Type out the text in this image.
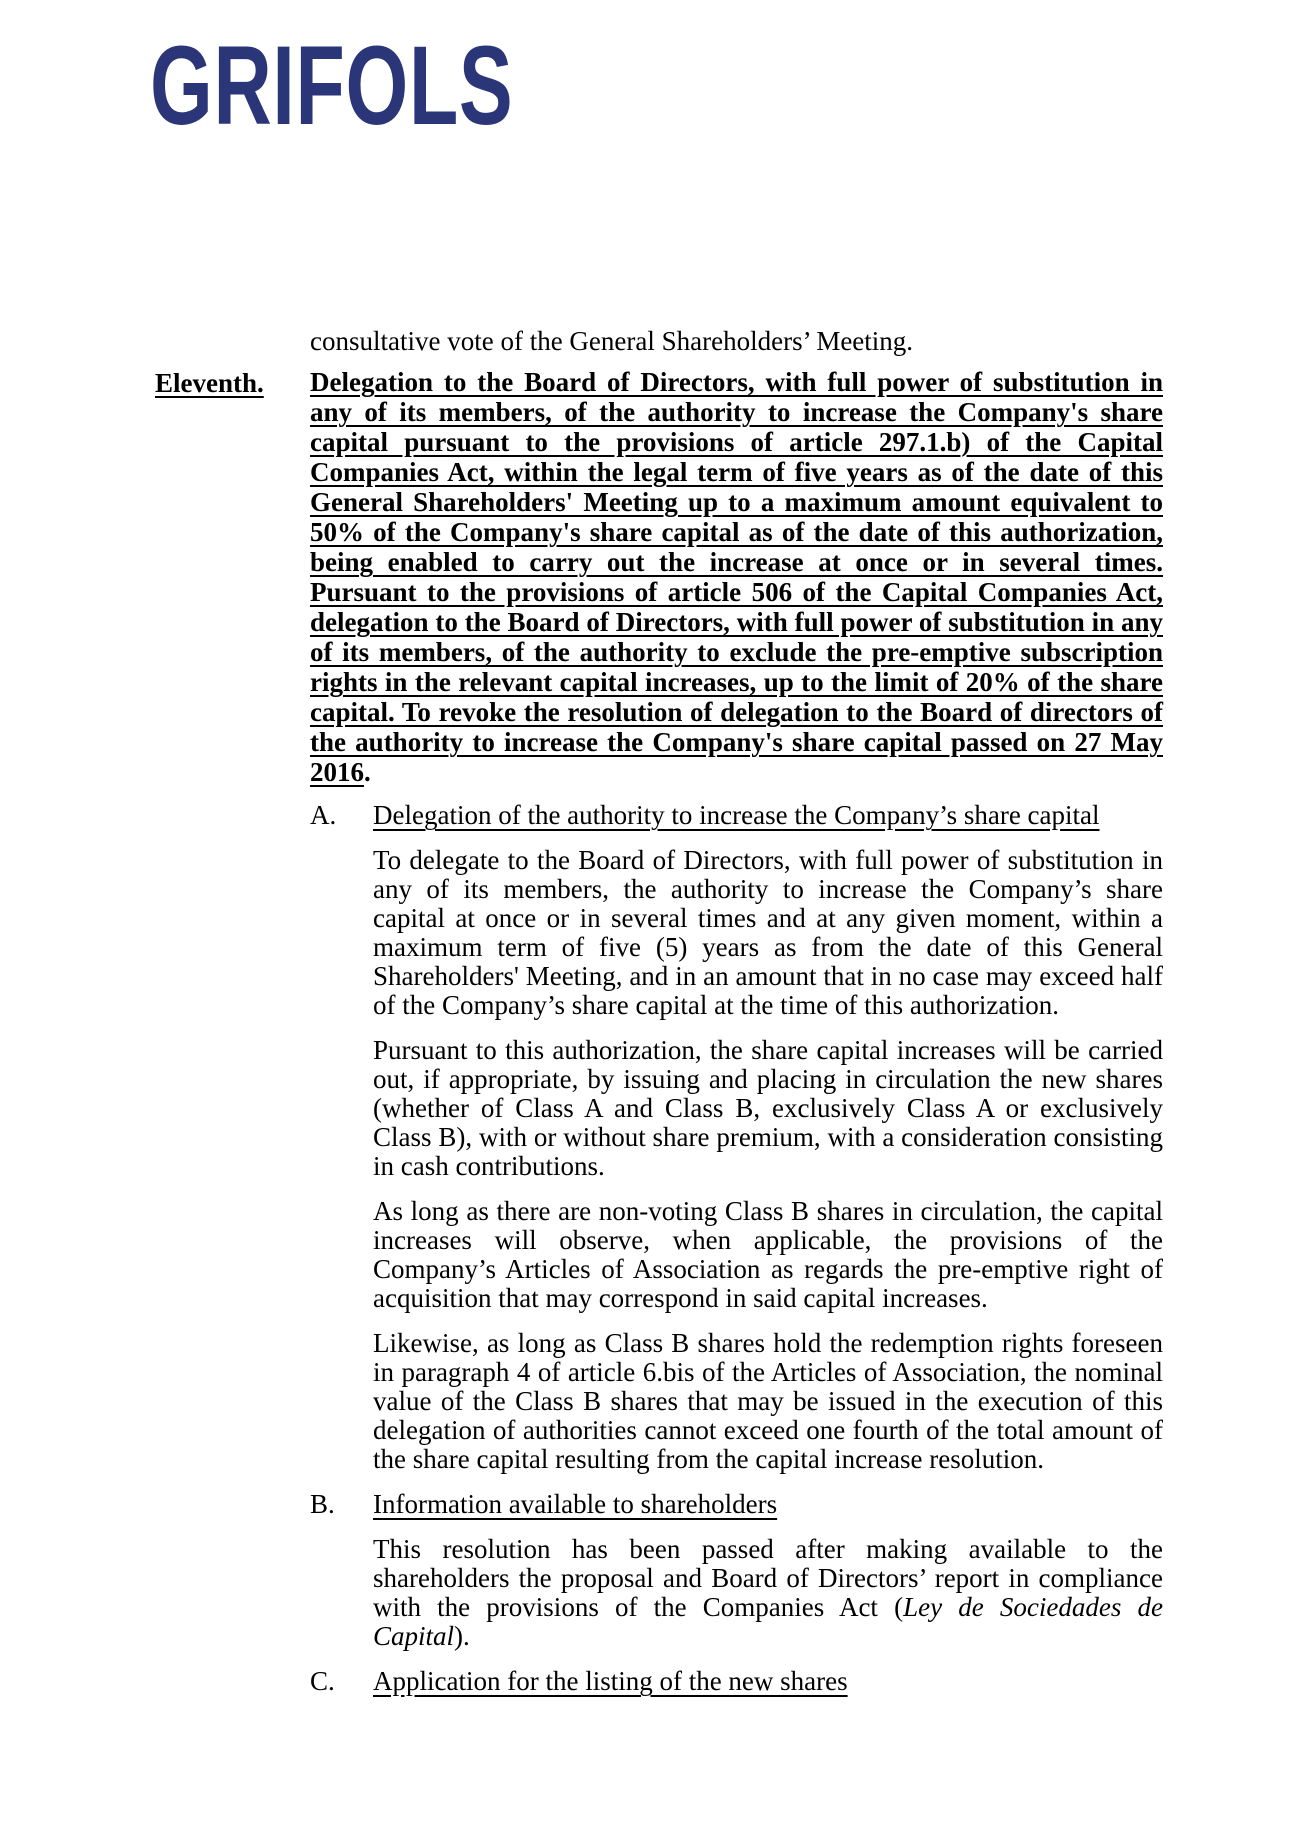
GRIFOLS

consultative vote of the General Shareholders’ Meeting.

Eleventh. Delegation to the Board of Directors, with full power of substitution in any of its members, of the authority to increase the Company's share capital pursuant to the provisions of article 297.1.b) of the Capital Companies Act, within the legal term of five years as of the date of this General Shareholders' Meeting up to a maximum amount equivalent to 50% of the Company's share capital as of the date of this authorization, being enabled to carry out the increase at once or in several times. Pursuant to the provisions of article 506 of the Capital Companies Act, delegation to the Board of Directors, with full power of substitution in any of its members, of the authority to exclude the pre-emptive subscription rights in the relevant capital increases, up to the limit of 20% of the share capital. To revoke the resolution of delegation to the Board of directors of the authority to increase the Company's share capital passed on 27 May 2016.

A. Delegation of the authority to increase the Company’s share capital

To delegate to the Board of Directors, with full power of substitution in any of its members, the authority to increase the Company’s share capital at once or in several times and at any given moment, within a maximum term of five (5) years as from the date of this General Shareholders' Meeting, and in an amount that in no case may exceed half of the Company’s share capital at the time of this authorization.

Pursuant to this authorization, the share capital increases will be carried out, if appropriate, by issuing and placing in circulation the new shares (whether of Class A and Class B, exclusively Class A or exclusively Class B), with or without share premium, with a consideration consisting in cash contributions.

As long as there are non-voting Class B shares in circulation, the capital increases will observe, when applicable, the provisions of the Company’s Articles of Association as regards the pre-emptive right of acquisition that may correspond in said capital increases.

Likewise, as long as Class B shares hold the redemption rights foreseen in paragraph 4 of article 6.bis of the Articles of Association, the nominal value of the Class B shares that may be issued in the execution of this delegation of authorities cannot exceed one fourth of the total amount of the share capital resulting from the capital increase resolution.

B. Information available to shareholders

This resolution has been passed after making available to the shareholders the proposal and Board of Directors’ report in compliance with the provisions of the Companies Act (Ley de Sociedades de Capital).

C. Application for the listing of the new shares
